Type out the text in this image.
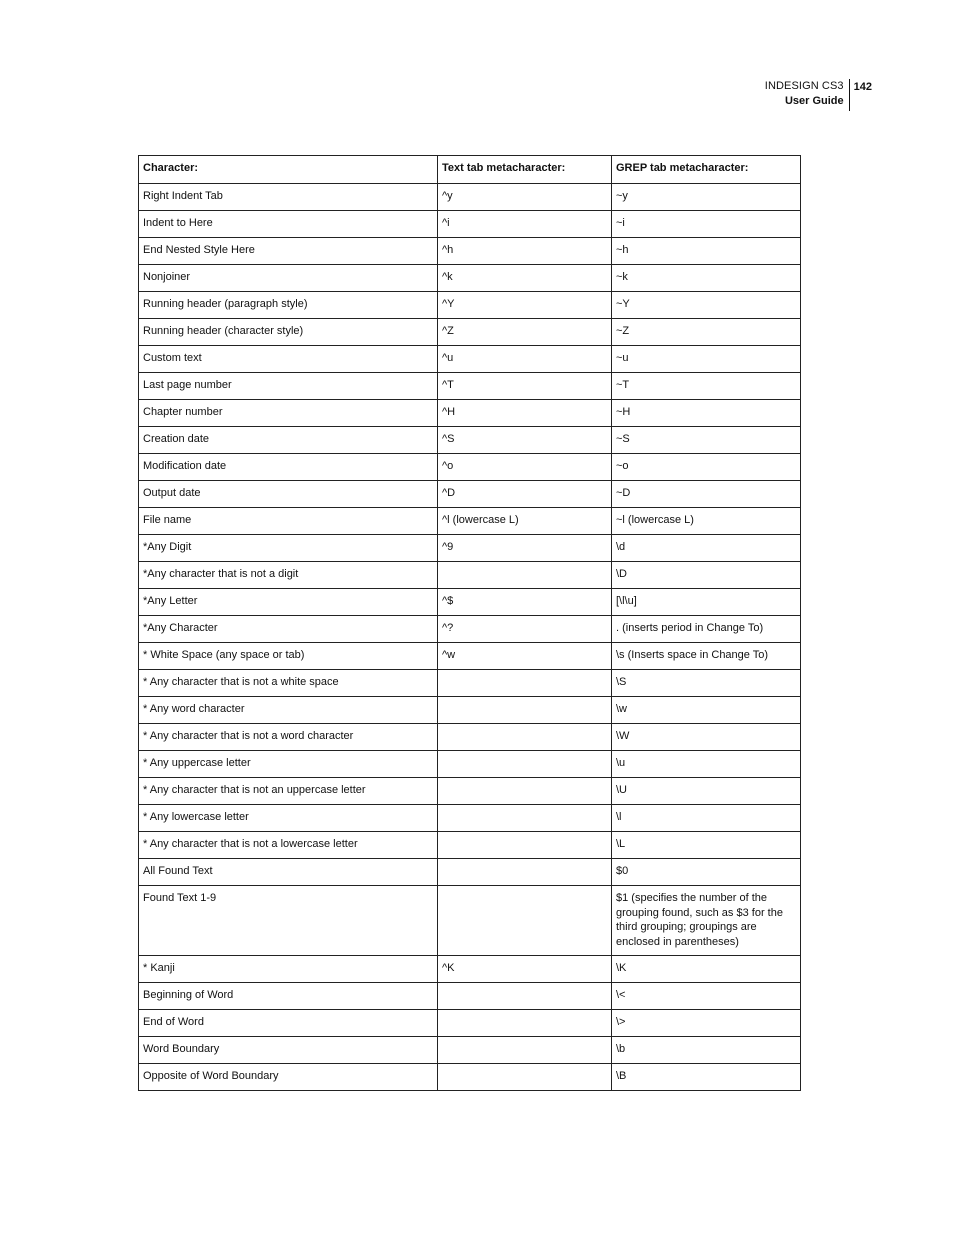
INDESIGN CS3
User Guide
142
Character:	Text tab metacharacter:	GREP tab metacharacter:
Right Indent Tab	^y	~y
Indent to Here	^i	~i
End Nested Style Here	^h	~h
Nonjoiner	^k	~k
Running header (paragraph style)	^Y	~Y
Running header (character style)	^Z	~Z
Custom text	^u	~u
Last page number	^T	~T
Chapter number	^H	~H
Creation date	^S	~S
Modification date	^o	~o
Output date	^D	~D
File name	^l (lowercase L)	~l (lowercase L)
*Any Digit	^9	\d
*Any character that is not a digit		\D
*Any Letter	^$	[\l\u]
*Any Character	^?	. (inserts period in Change To)
* White Space (any space or tab)	^w	\s (Inserts space in Change To)
* Any character that is not a white space		\S
* Any word character		\w
* Any character that is not a word character		\W
* Any uppercase letter		\u
* Any character that is not an uppercase letter		\U
* Any lowercase letter		\l
* Any character that is not a lowercase letter		\L
All Found Text		$0
Found Text 1-9		$1 (specifies the number of the grouping found, such as $3 for the third grouping; groupings are enclosed in parentheses)
* Kanji	^K	\K
Beginning of Word		\<
End of Word		\>
Word Boundary		\b
Opposite of Word Boundary		\B
